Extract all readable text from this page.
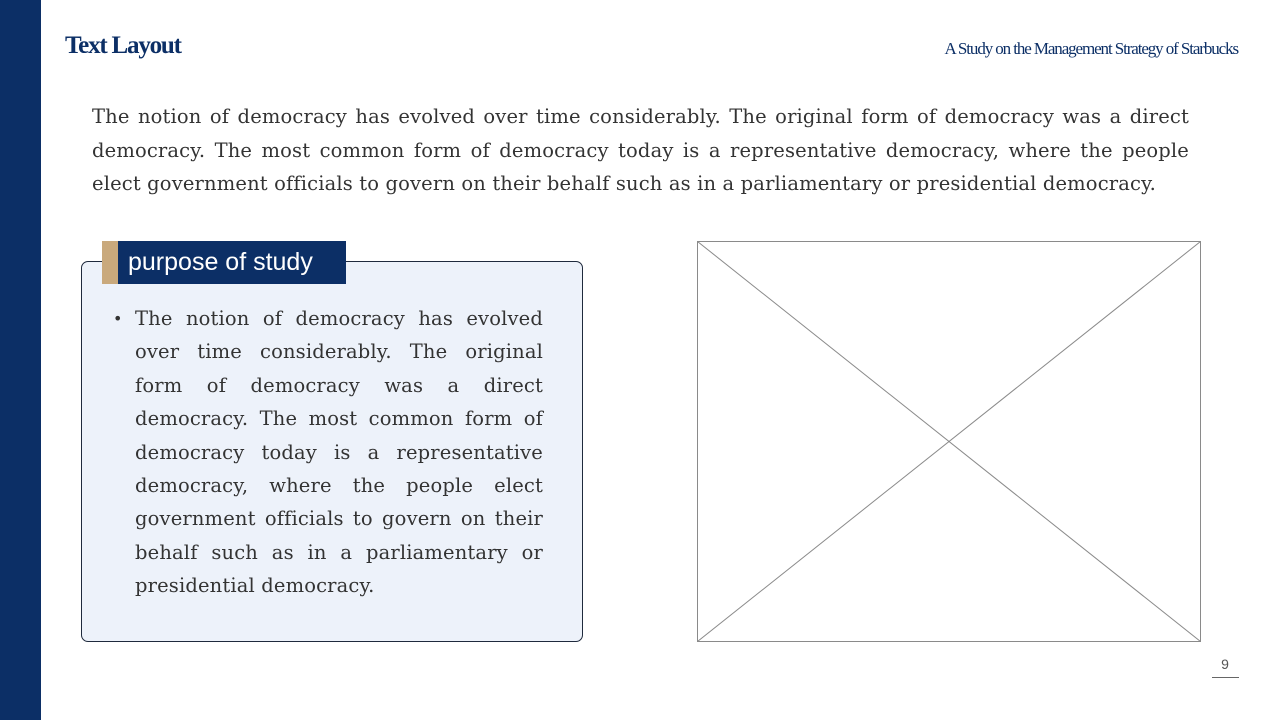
Text Layout	A Study on the Management Strategy of Starbucks

The notion of democracy has evolved over time considerably. The original form of democracy was a direct democracy. The most common form of democracy today is a representative democracy, where the people elect government officials to govern on their behalf such as in a parliamentary or presidential democracy.

purpose of study
• The notion of democracy has evolved over time considerably. The original form of democracy was a direct democracy. The most common form of democracy today is a representative democracy, where the people elect government officials to govern on their behalf such as in a parliamentary or presidential democracy.
9
